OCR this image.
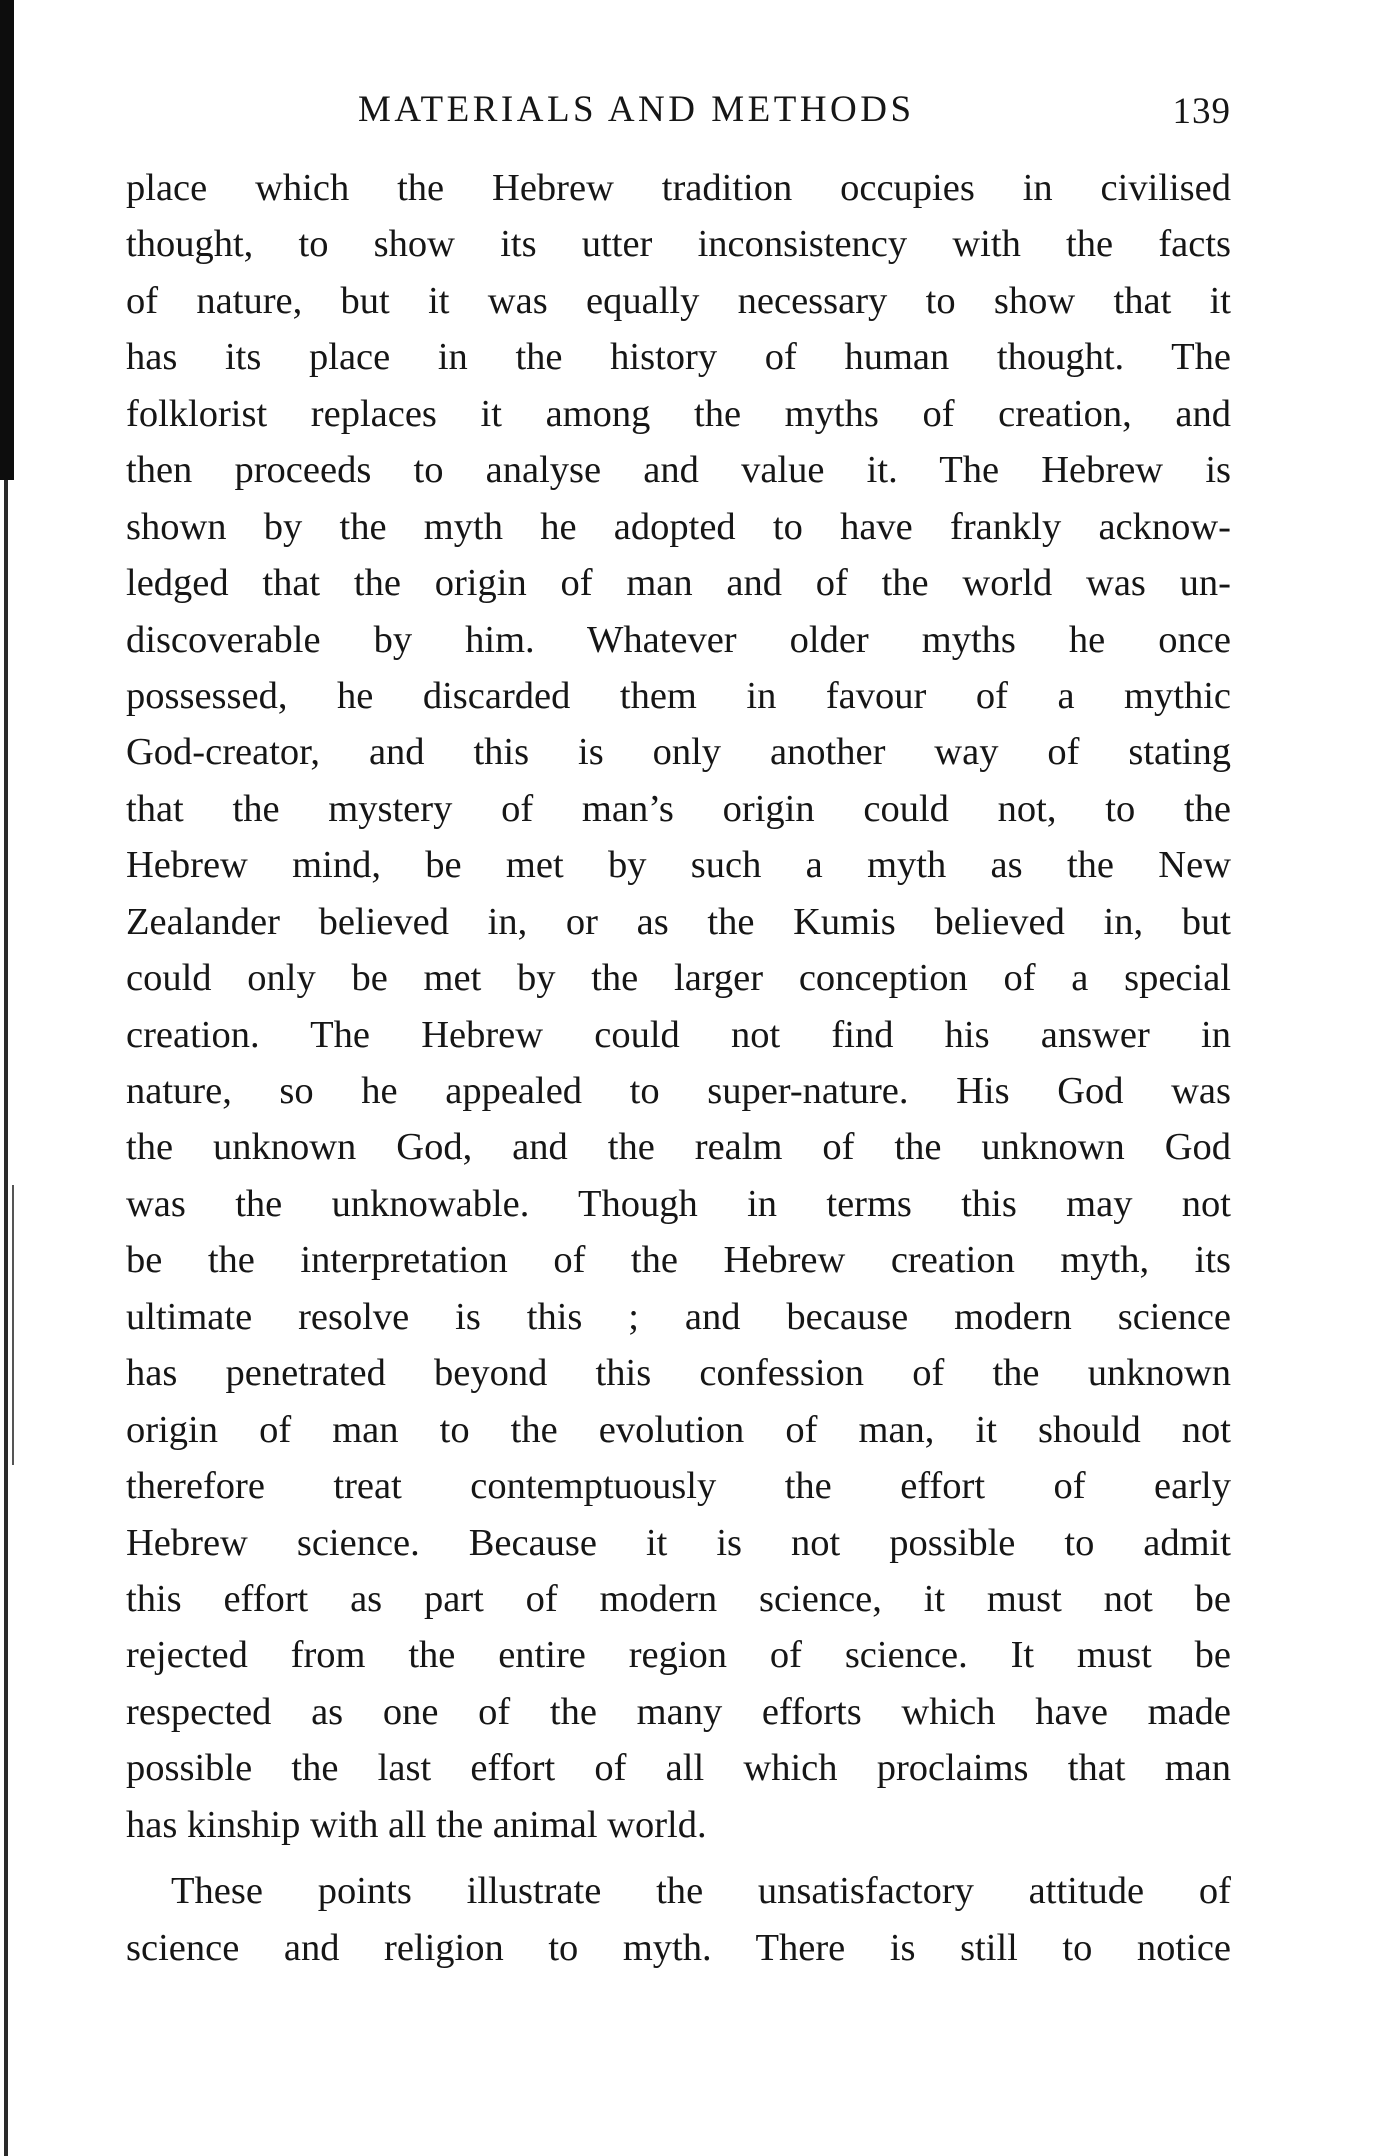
MATERIALS AND METHODS	139
place which the Hebrew tradition occupies in civilised
thought, to show its utter inconsistency with the facts
of nature, but it was equally necessary to show that it
has its place in the history of human thought. The
folklorist replaces it among the myths of creation, and
then proceeds to analyse and value it. The Hebrew is
shown by the myth he adopted to have frankly acknow-
ledged that the origin of man and of the world was un-
discoverable by him. Whatever older myths he once
possessed, he discarded them in favour of a mythic
God-creator, and this is only another way of stating
that the mystery of man’s origin could not, to the
Hebrew mind, be met by such a myth as the New
Zealander believed in, or as the Kumis believed in, but
could only be met by the larger conception of a special
creation. The Hebrew could not find his answer in
nature, so he appealed to super-nature. His God was
the unknown God, and the realm of the unknown God
was the unknowable. Though in terms this may not
be the interpretation of the Hebrew creation myth, its
ultimate resolve is this ; and because modern science
has penetrated beyond this confession of the unknown
origin of man to the evolution of man, it should not
therefore treat contemptuously the effort of early
Hebrew science. Because it is not possible to admit
this effort as part of modern science, it must not be
rejected from the entire region of science. It must be
respected as one of the many efforts which have made
possible the last effort of all which proclaims that man
has kinship with all the animal world.
These points illustrate the unsatisfactory attitude of
science and religion to myth. There is still to notice
